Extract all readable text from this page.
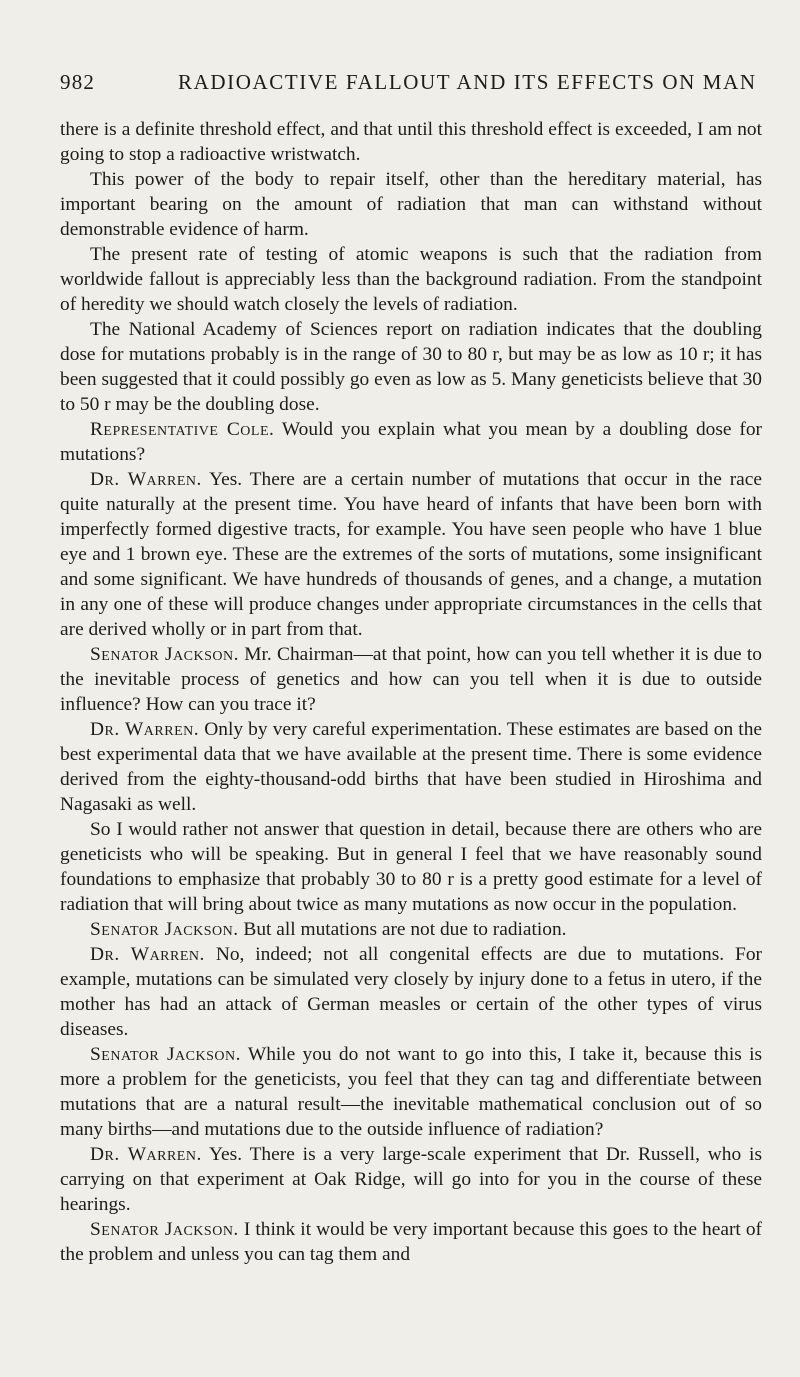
982	RADIOACTIVE FALLOUT AND ITS EFFECTS ON MAN

there is a definite threshold effect, and that until this threshold effect is exceeded, I am not going to stop a radioactive wristwatch.

This power of the body to repair itself, other than the hereditary material, has important bearing on the amount of radiation that man can withstand without demonstrable evidence of harm.

The present rate of testing of atomic weapons is such that the radiation from worldwide fallout is appreciably less than the background radiation. From the standpoint of heredity we should watch closely the levels of radiation.

The National Academy of Sciences report on radiation indicates that the doubling dose for mutations probably is in the range of 30 to 80 r, but may be as low as 10 r; it has been suggested that it could possibly go even as low as 5. Many geneticists believe that 30 to 50 r may be the doubling dose.

Representative Cole. Would you explain what you mean by a doubling dose for mutations?

Dr. Warren. Yes. There are a certain number of mutations that occur in the race quite naturally at the present time. You have heard of infants that have been born with imperfectly formed digestive tracts, for example. You have seen people who have 1 blue eye and 1 brown eye. These are the extremes of the sorts of mutations, some insignificant and some significant. We have hundreds of thousands of genes, and a change, a mutation in any one of these will produce changes under appropriate circumstances in the cells that are derived wholly or in part from that.

Senator Jackson. Mr. Chairman—at that point, how can you tell whether it is due to the inevitable process of genetics and how can you tell when it is due to outside influence? How can you trace it?

Dr. Warren. Only by very careful experimentation. These estimates are based on the best experimental data that we have available at the present time. There is some evidence derived from the eighty-thousand-odd births that have been studied in Hiroshima and Nagasaki as well.

So I would rather not answer that question in detail, because there are others who are geneticists who will be speaking. But in general I feel that we have reasonably sound foundations to emphasize that probably 30 to 80 r is a pretty good estimate for a level of radiation that will bring about twice as many mutations as now occur in the population.

Senator Jackson. But all mutations are not due to radiation.

Dr. Warren. No, indeed; not all congenital effects are due to mutations. For example, mutations can be simulated very closely by injury done to a fetus in utero, if the mother has had an attack of German measles or certain of the other types of virus diseases.

Senator Jackson. While you do not want to go into this, I take it, because this is more a problem for the geneticists, you feel that they can tag and differentiate between mutations that are a natural result—the inevitable mathematical conclusion out of so many births—and mutations due to the outside influence of radiation?

Dr. Warren. Yes. There is a very large-scale experiment that Dr. Russell, who is carrying on that experiment at Oak Ridge, will go into for you in the course of these hearings.

Senator Jackson. I think it would be very important because this goes to the heart of the problem and unless you can tag them and
